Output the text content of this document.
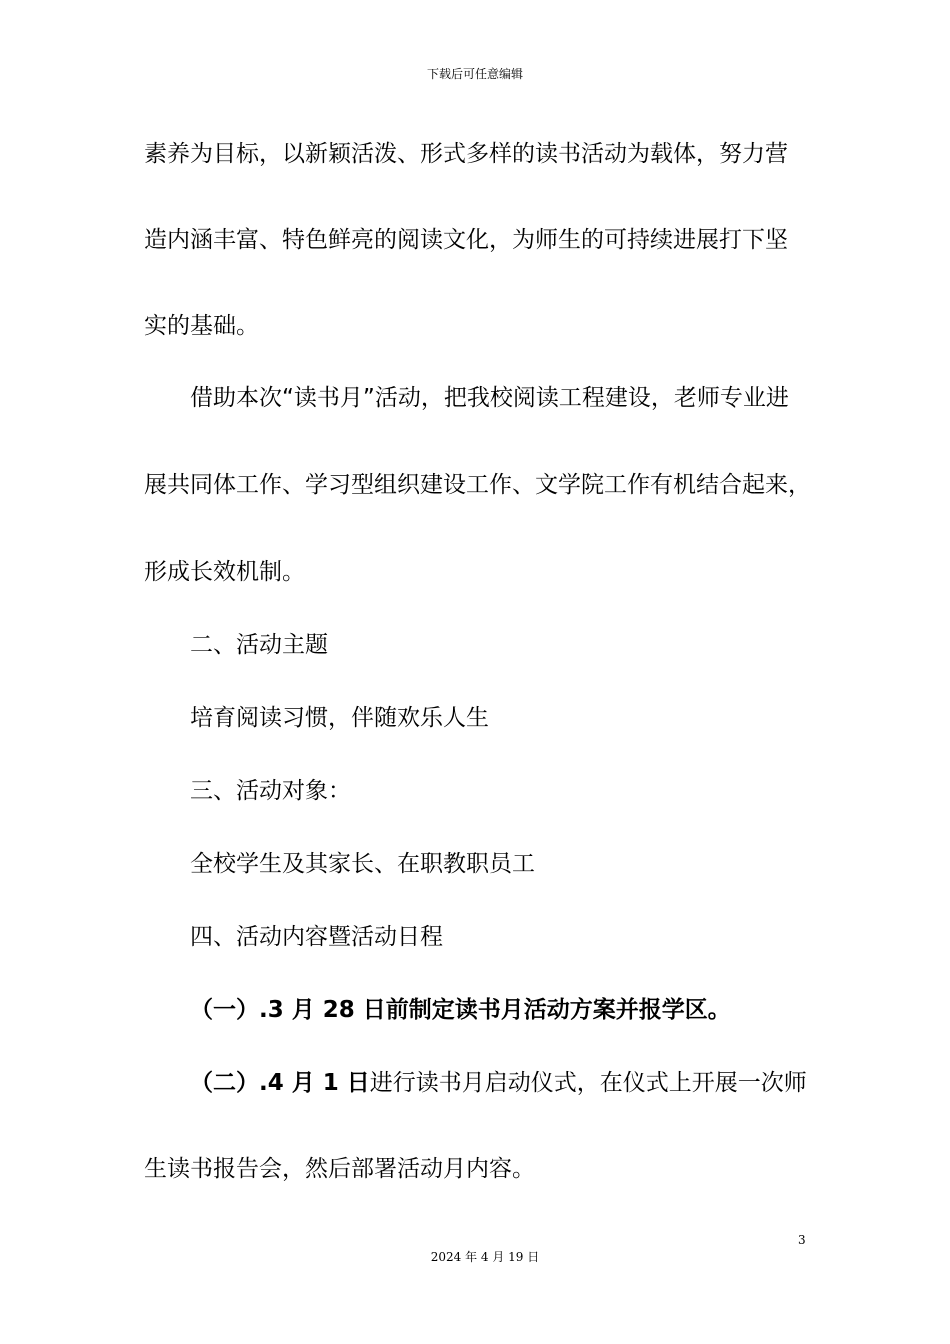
下载后可任意编辑
素养为目标，以新颖活泼、形式多样的读书活动为载体，努力营
造内涵丰富、特色鲜亮的阅读文化，为师生的可持续进展打下坚
实的基础。
借助本次“读书月”活动，把我校阅读工程建设，老师专业进
展共同体工作、学习型组织建设工作、文学院工作有机结合起来，
形成长效机制。
二、活动主题
培育阅读习惯，伴随欢乐人生
三、活动对象：
全校学生及其家长、在职教职员工
四、活动内容暨活动日程
（一）.3 月 28 日前制定读书月活动方案并报学区。
（二）.4 月 1 日进行读书月启动仪式，在仪式上开展一次师
生读书报告会，然后部署活动月内容。
3
2024 年 4 月 19 日
